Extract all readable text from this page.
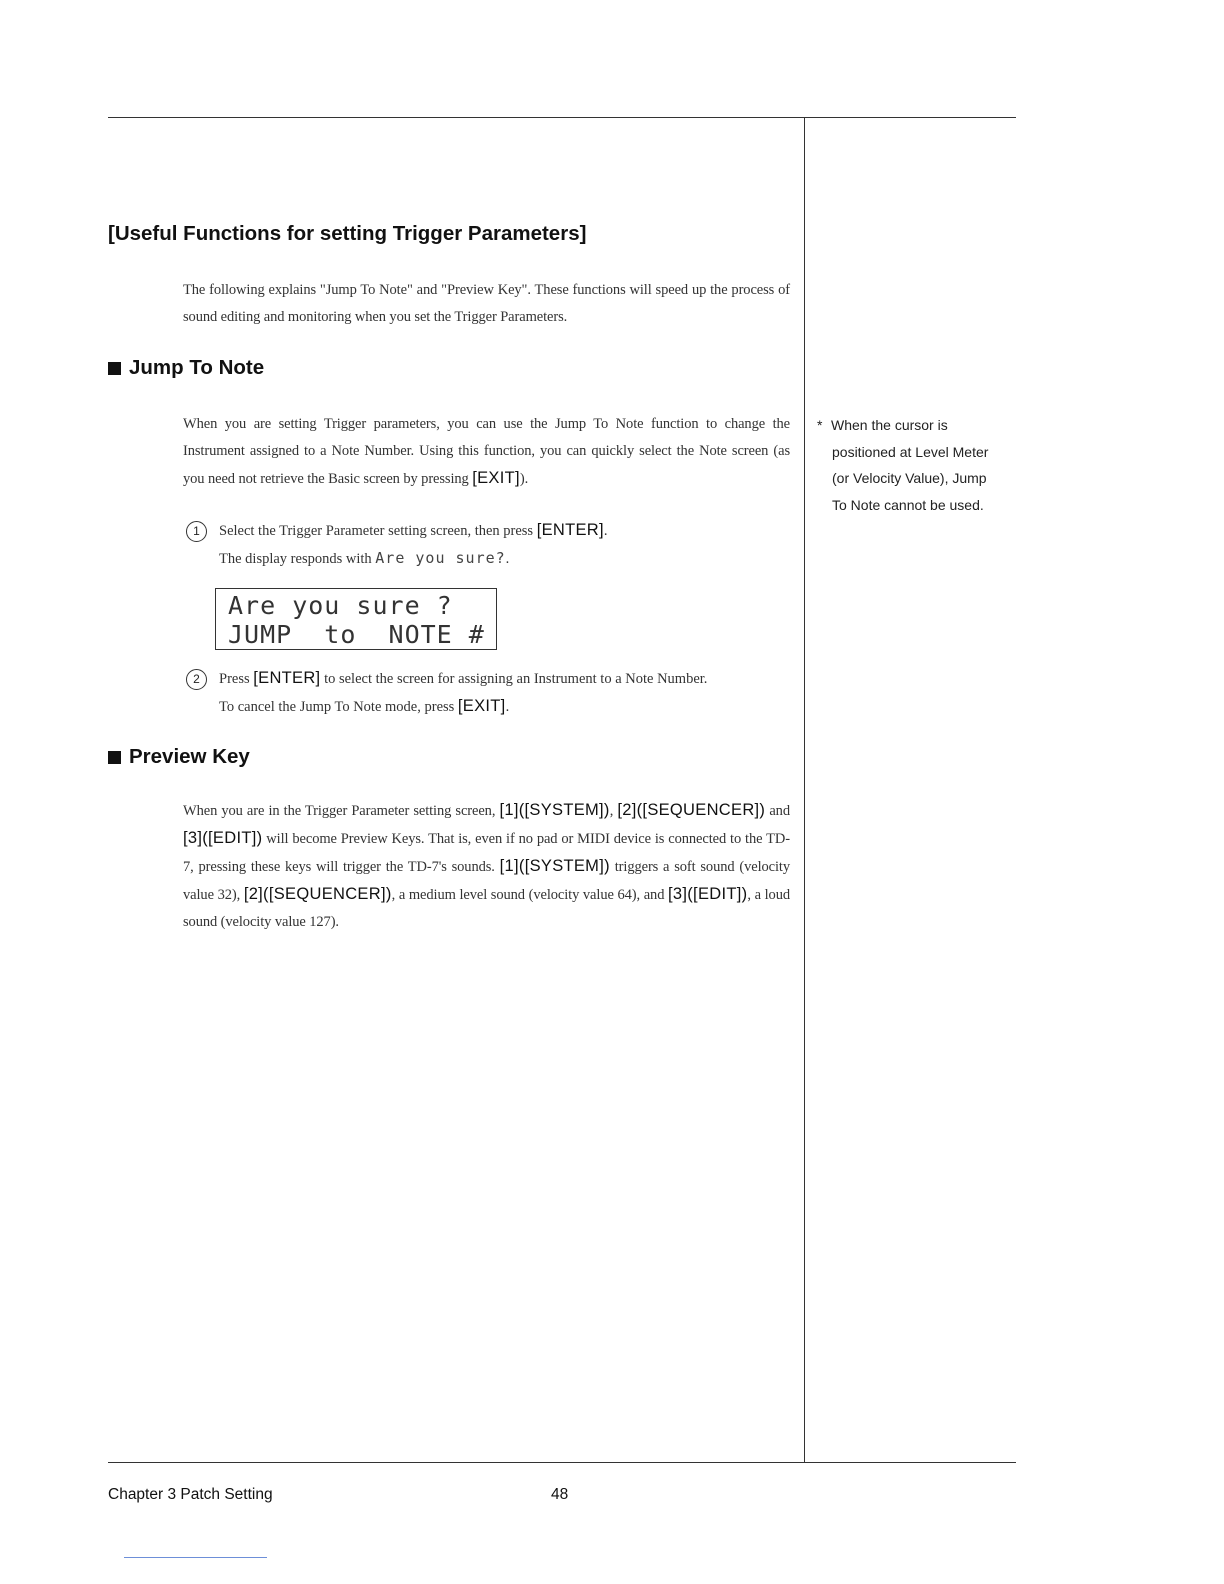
[Useful Functions for setting Trigger Parameters]

The following explains "Jump To Note" and "Preview Key". These functions will speed up the process of sound editing and monitoring when you set the Trigger Parameters.

Jump To Note

When you are setting Trigger parameters, you can use the Jump To Note function to change the Instrument assigned to a Note Number. Using this function, you can quickly select the Note screen (as you need not retrieve the Basic screen by pressing [EXIT]).

1	Select the Trigger Parameter setting screen, then press [ENTER].
The display responds with Are you sure?.
Are you sure ?
JUMP  to  NOTE #
2	Press [ENTER] to select the screen for assigning an Instrument to a Note Number.
To cancel the Jump To Note mode, press [EXIT].
Preview Key

When you are in the Trigger Parameter setting screen, [1]([SYSTEM]), [2]([SEQUENCER]) and [3]([EDIT]) will become Preview Keys. That is, even if no pad or MIDI device is connected to the TD-7, pressing these keys will trigger the TD-7's sounds. [1]([SYSTEM]) triggers a soft sound (velocity value 32), [2]([SEQUENCER]), a medium level sound (velocity value 64), and [3]([EDIT]), a loud sound (velocity value 127).

* When the cursor is positioned at Level Meter (or Velocity Value), Jump To Note cannot be used.

Chapter 3 Patch Setting	48
